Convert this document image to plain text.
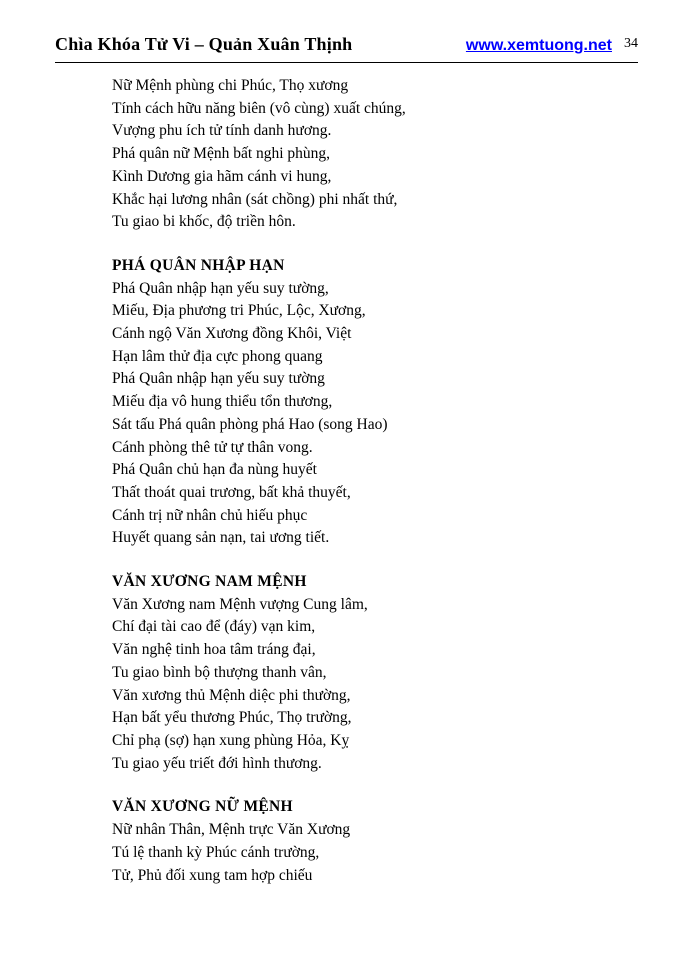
Chìa Khóa Tử Vi – Quản Xuân Thịnh	www.xemtuong.net 34

Nữ Mệnh phùng chi Phúc, Thọ xương

Tính cách hữu năng biên (vô cùng) xuất chúng,

Vượng phu ích tử tính danh hương.

Phá quân nữ Mệnh bất nghi phùng,

Kình Dương gia hãm cánh vi hung,

Khắc hại lương nhân (sát chồng) phi nhất thứ,

Tu giao bi khốc, độ triền hôn.

PHÁ QUÂN NHẬP HẠN

Phá Quân nhập hạn yếu suy tường,

Miếu, Địa phương tri Phúc, Lộc, Xương,

Cánh ngộ Văn Xương đồng Khôi, Việt

Hạn lâm thử địa cực phong quang

Phá Quân nhập hạn yếu suy tường

Miếu địa vô hung thiểu tổn thương,

Sát tấu Phá quân phòng phá Hao (song Hao)

Cánh phòng thê tử tự thân vong.

Phá Quân chủ hạn đa nùng huyết

Thất thoát quai trương, bất khả thuyết,

Cánh trị nữ nhân chủ hiếu phục

Huyết quang sản nạn, tai ương tiết.

VĂN XƯƠNG NAM MỆNH

Văn Xương nam Mệnh vượng Cung lâm,

Chí đại tài cao để (đáy) vạn kim,

Văn nghệ tinh hoa tâm tráng đại,

Tu giao bình bộ thượng thanh vân,

Văn xương thủ Mệnh diệc phi thường,

Hạn bất yểu thương Phúc, Thọ trường,

Chỉ phạ (sợ) hạn xung phùng Hỏa, Kỵ

Tu giao yếu triết đới hình thương.

VĂN XƯƠNG NỮ MỆNH

Nữ nhân Thân, Mệnh trực Văn Xương

Tú lệ thanh kỳ Phúc cánh trường,

Tử, Phủ đối xung tam hợp chiếu
